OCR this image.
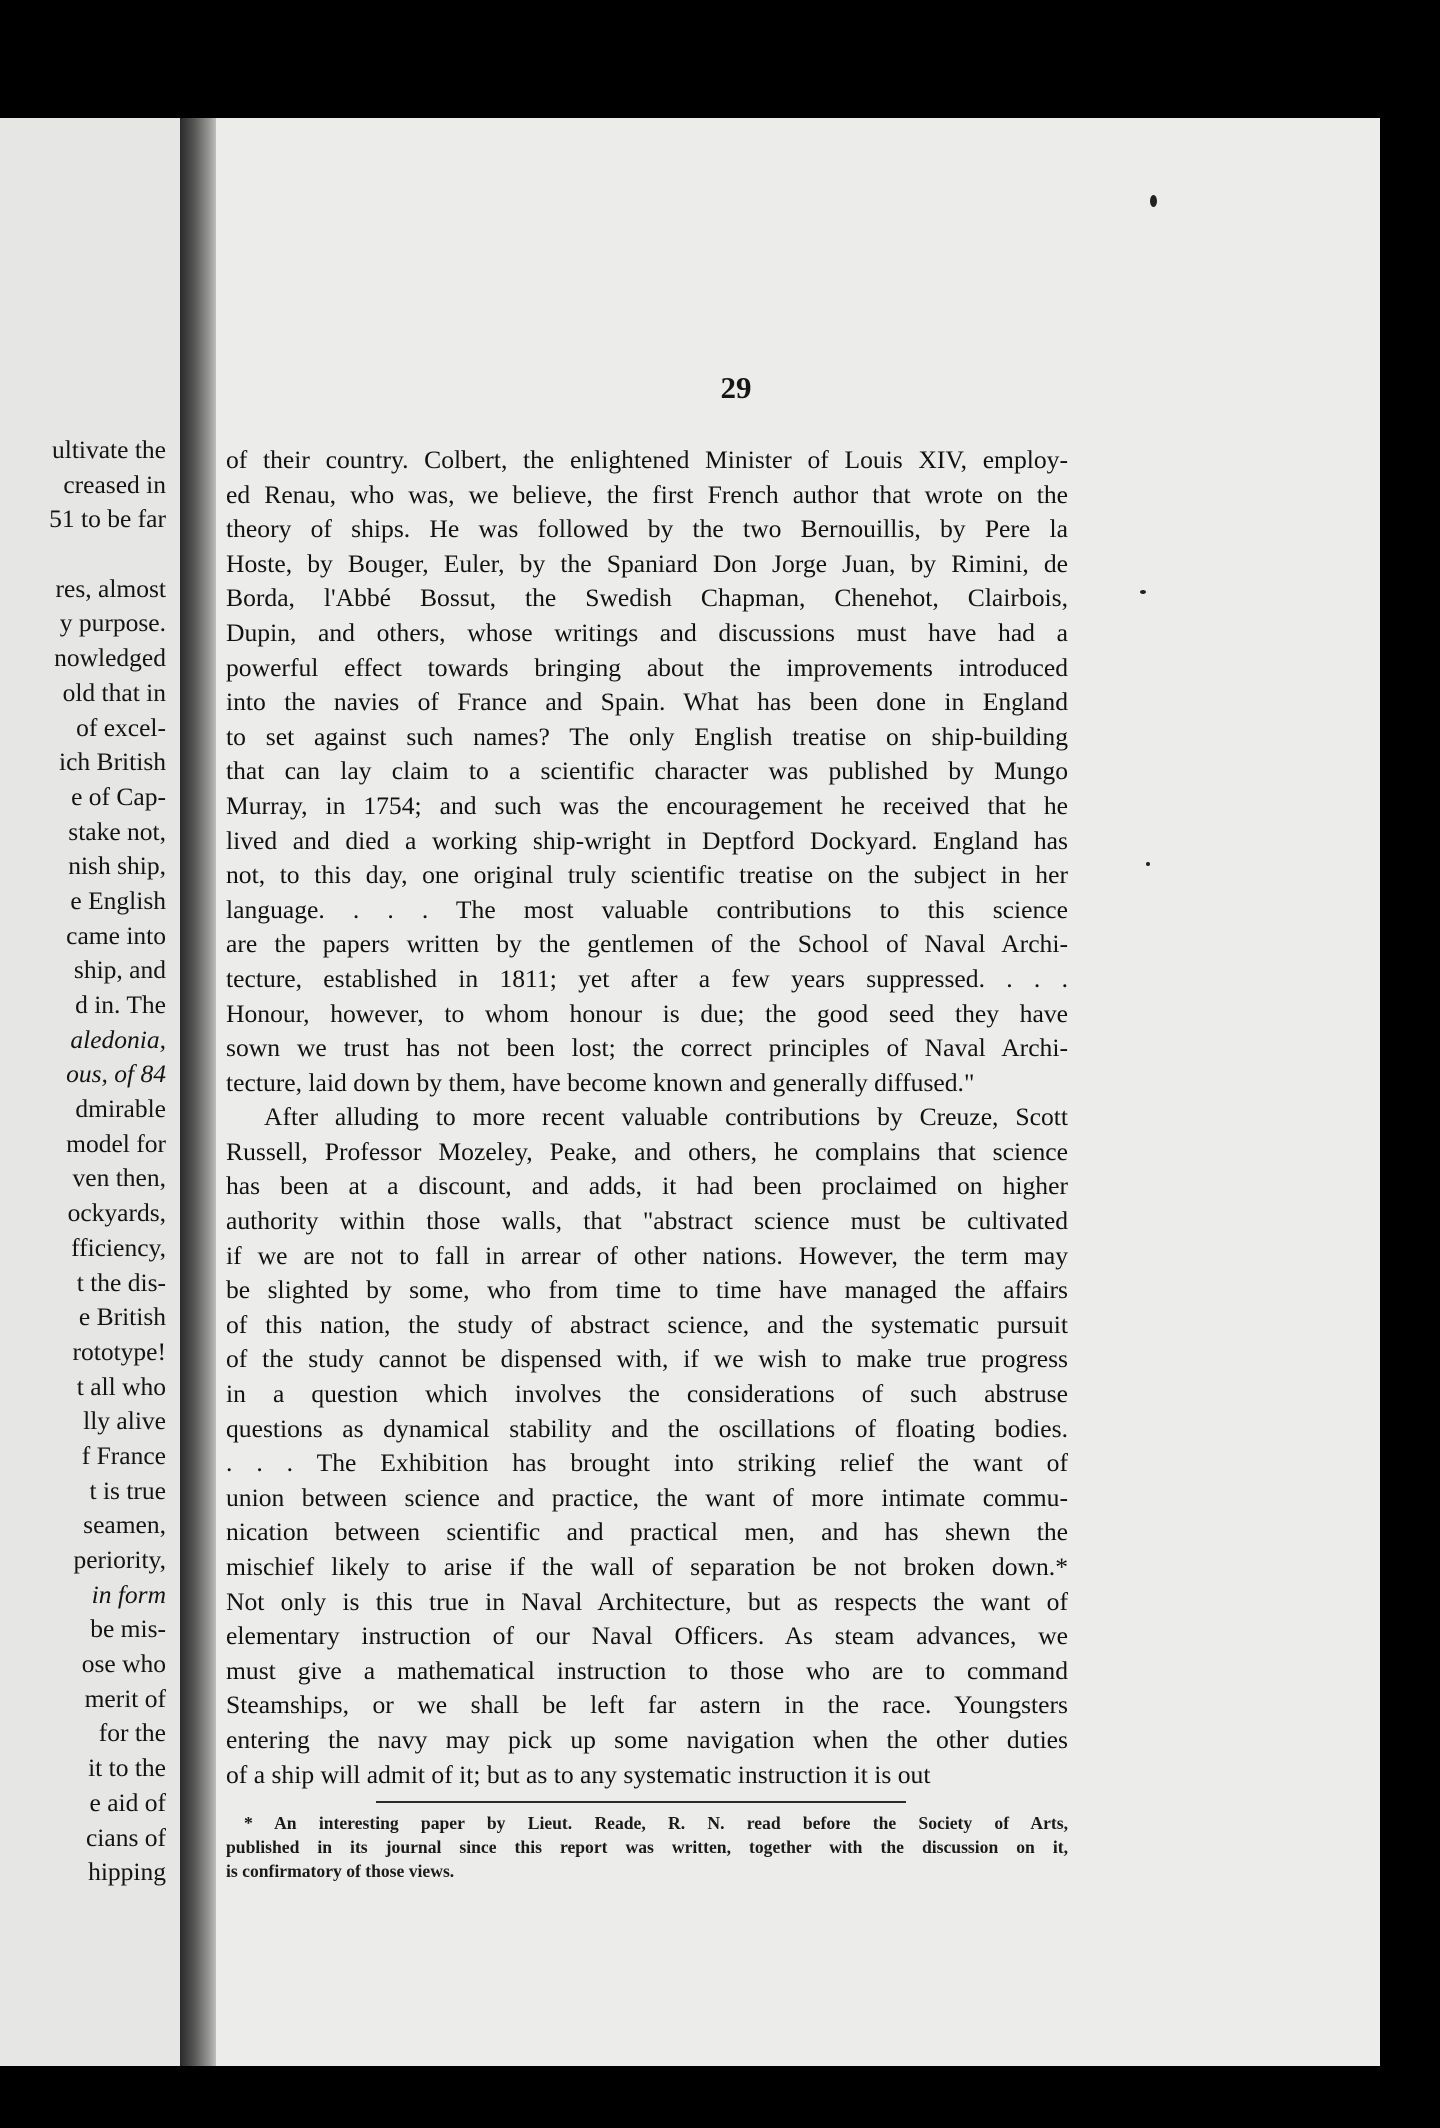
ultivate the
creased in
51 to be far
res, almost
y purpose.
nowledged
old that in
of excel-
ich British
e of Cap-
stake not,
nish ship,
e English
came into
ship, and
d in. The
aledonia,
ous, of 84
dmirable
model for
ven then,
ockyards,
fficiency,
t the dis-
e British
rototype!
t all who
lly alive
f France
t is true
seamen,
periority,
in form
be mis-
ose who
merit of
for the
it to the
e aid of
cians of
hipping
29
of their country. Colbert, the enlightened Minister of Louis XIV, employ-
ed Renau, who was, we believe, the first French author that wrote on the
theory of ships. He was followed by the two Bernouillis, by Pere la
Hoste, by Bouger, Euler, by the Spaniard Don Jorge Juan, by Rimini, de
Borda, l'Abbé Bossut, the Swedish Chapman, Chenehot, Clairbois,
Dupin, and others, whose writings and discussions must have had a
powerful effect towards bringing about the improvements introduced
into the navies of France and Spain. What has been done in England
to set against such names? The only English treatise on ship-building
that can lay claim to a scientific character was published by Mungo
Murray, in 1754; and such was the encouragement he received that he
lived and died a working ship-wright in Deptford Dockyard. England has
not, to this day, one original truly scientific treatise on the subject in her
language. . . . The most valuable contributions to this science
are the papers written by the gentlemen of the School of Naval Archi-
tecture, established in 1811; yet after a few years suppressed. . . .
Honour, however, to whom honour is due; the good seed they have
sown we trust has not been lost; the correct principles of Naval Archi-
tecture, laid down by them, have become known and generally diffused."
After alluding to more recent valuable contributions by Creuze, Scott
Russell, Professor Mozeley, Peake, and others, he complains that science
has been at a discount, and adds, it had been proclaimed on higher
authority within those walls, that "abstract science must be cultivated
if we are not to fall in arrear of other nations. However, the term may
be slighted by some, who from time to time have managed the affairs
of this nation, the study of abstract science, and the systematic pursuit
of the study cannot be dispensed with, if we wish to make true progress
in a question which involves the considerations of such abstruse
questions as dynamical stability and the oscillations of floating bodies.
. . . The Exhibition has brought into striking relief the want of
union between science and practice, the want of more intimate commu-
nication between scientific and practical men, and has shewn the
mischief likely to arise if the wall of separation be not broken down.*
Not only is this true in Naval Architecture, but as respects the want of
elementary instruction of our Naval Officers. As steam advances, we
must give a mathematical instruction to those who are to command
Steamships, or we shall be left far astern in the race. Youngsters
entering the navy may pick up some navigation when the other duties
of a ship will admit of it; but as to any systematic instruction it is out
* An interesting paper by Lieut. Reade, R. N. read before the Society of Arts,
published in its journal since this report was written, together with the discussion on it,
is confirmatory of those views.
